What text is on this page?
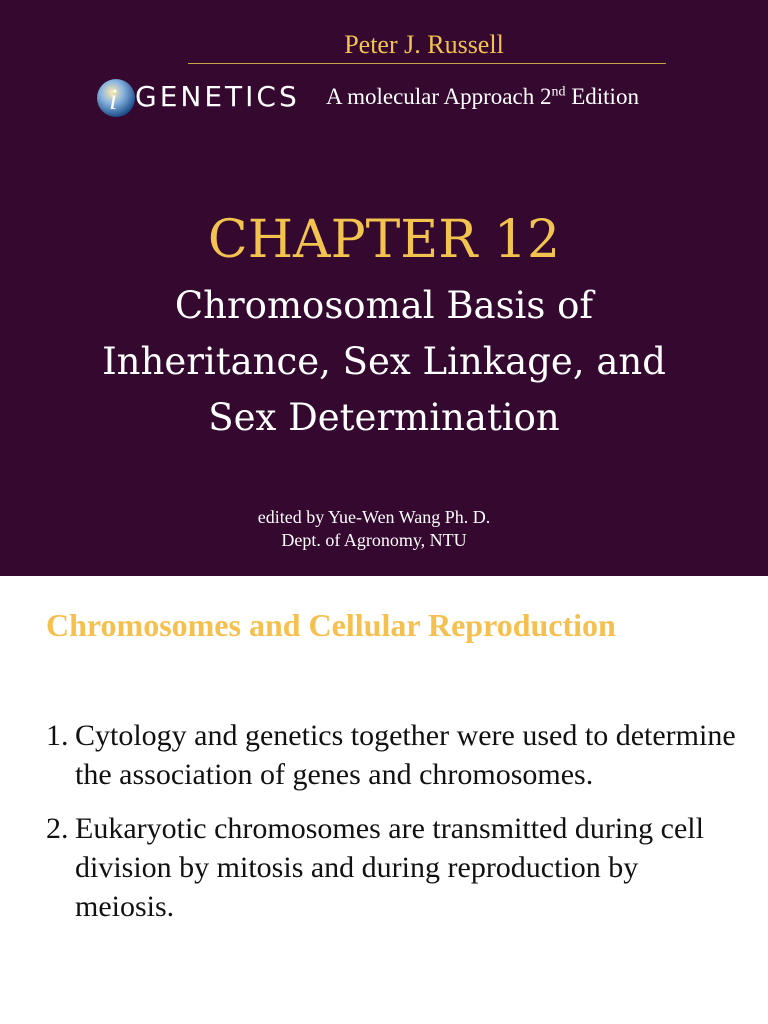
Peter J. Russell
i GENETICS A molecular Approach 2nd Edition
CHAPTER 12
Chromosomal Basis of
Inheritance, Sex Linkage, and
Sex Determination
edited by Yue-Wen Wang Ph. D.
Dept. of Agronomy, NTU
Chromosomes and Cellular Reproduction
1. Cytology and genetics together were used to determine the association of genes and chromosomes.
2. Eukaryotic chromosomes are transmitted during cell division by mitosis and during reproduction by meiosis.
